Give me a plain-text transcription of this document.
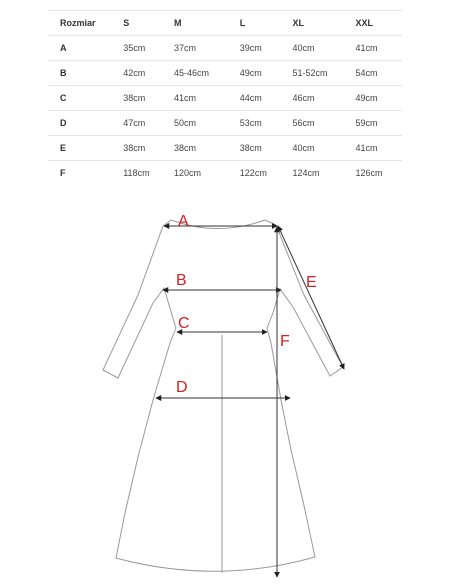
Rozmiar	S	M	L	XL	XXL
A	35cm	37cm	39cm	40cm	41cm
B	42cm	45-46cm	49cm	51-52cm	54cm
C	38cm	41cm	44cm	46cm	49cm
D	47cm	50cm	53cm	56cm	59cm
E	38cm	38cm	38cm	40cm	41cm
F	118cm	120cm	122cm	124cm	126cm
A
B
C
D
E
F
